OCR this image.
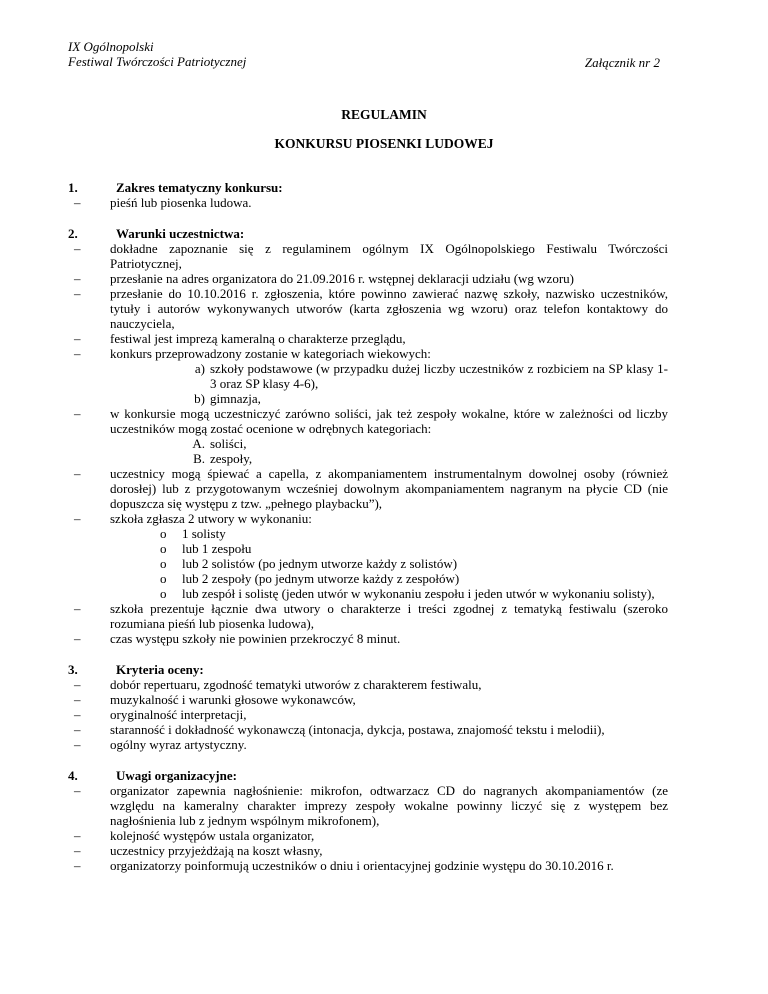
IX Ogólnopolski
Festiwal Twórczości Patriotycznej	Załącznik nr 2
REGULAMIN
KONKURSU PIOSENKI LUDOWEJ
1.	Zakres tematyczny konkursu:
–	pieśń lub piosenka ludowa.
2.	Warunki uczestnictwa:
–	dokładne zapoznanie się z regulaminem ogólnym IX Ogólnopolskiego Festiwalu Twórczości Patriotycznej,
–	przesłanie na adres organizatora do 21.09.2016 r. wstępnej deklaracji udziału (wg wzoru)
–	przesłanie do 10.10.2016 r. zgłoszenia, które powinno zawierać nazwę szkoły, nazwisko uczestników, tytuły i autorów wykonywanych utworów (karta zgłoszenia wg wzoru) oraz telefon kontaktowy do nauczyciela,
–	festiwal jest imprezą kameralną o charakterze przeglądu,
–	konkurs przeprowadzony zostanie w kategoriach wiekowych:
a) szkoły podstawowe (w przypadku dużej liczby uczestników z rozbiciem na SP klasy 1-3 oraz SP klasy 4-6),
b) gimnazja,
–	w konkursie mogą uczestniczyć zarówno soliści, jak też zespoły wokalne, które w zależności od liczby uczestników mogą zostać ocenione w odrębnych kategoriach:
A. soliści,
B. zespoły,
–	uczestnicy mogą śpiewać a capella, z akompaniamentem instrumentalnym dowolnej osoby (również dorosłej) lub z przygotowanym wcześniej dowolnym akompaniamentem nagranym na płycie CD (nie dopuszcza się występu z tzw. „pełnego playbacku”),
–	szkoła zgłasza 2 utwory w wykonaniu:
o	1 solisty
o	lub 1 zespołu
o	lub 2 solistów (po jednym utworze każdy z solistów)
o	lub 2 zespoły (po jednym utworze każdy z zespołów)
o	lub zespół i solistę (jeden utwór w wykonaniu zespołu i jeden utwór w wykonaniu solisty),
–	szkoła prezentuje łącznie dwa utwory o charakterze i treści zgodnej z tematyką festiwalu (szeroko rozumiana pieśń lub piosenka ludowa),
–	czas występu szkoły nie powinien przekroczyć 8 minut.
3.	Kryteria oceny:
–	dobór repertuaru, zgodność tematyki utworów z charakterem festiwalu,
–	muzykalność i warunki głosowe wykonawców,
–	oryginalność interpretacji,
–	staranność i dokładność wykonawczą (intonacja, dykcja, postawa, znajomość tekstu i melodii),
–	ogólny wyraz artystyczny.
4.	Uwagi organizacyjne:
–	organizator zapewnia nagłośnienie: mikrofon, odtwarzacz CD do nagranych akompaniamentów (ze względu na kameralny charakter imprezy zespoły wokalne powinny liczyć się z występem bez nagłośnienia lub z jednym wspólnym mikrofonem),
–	kolejność występów ustala organizator,
–	uczestnicy przyjeżdżają na koszt własny,
–	organizatorzy poinformują uczestników o dniu i orientacyjnej godzinie występu do 30.10.2016 r.
